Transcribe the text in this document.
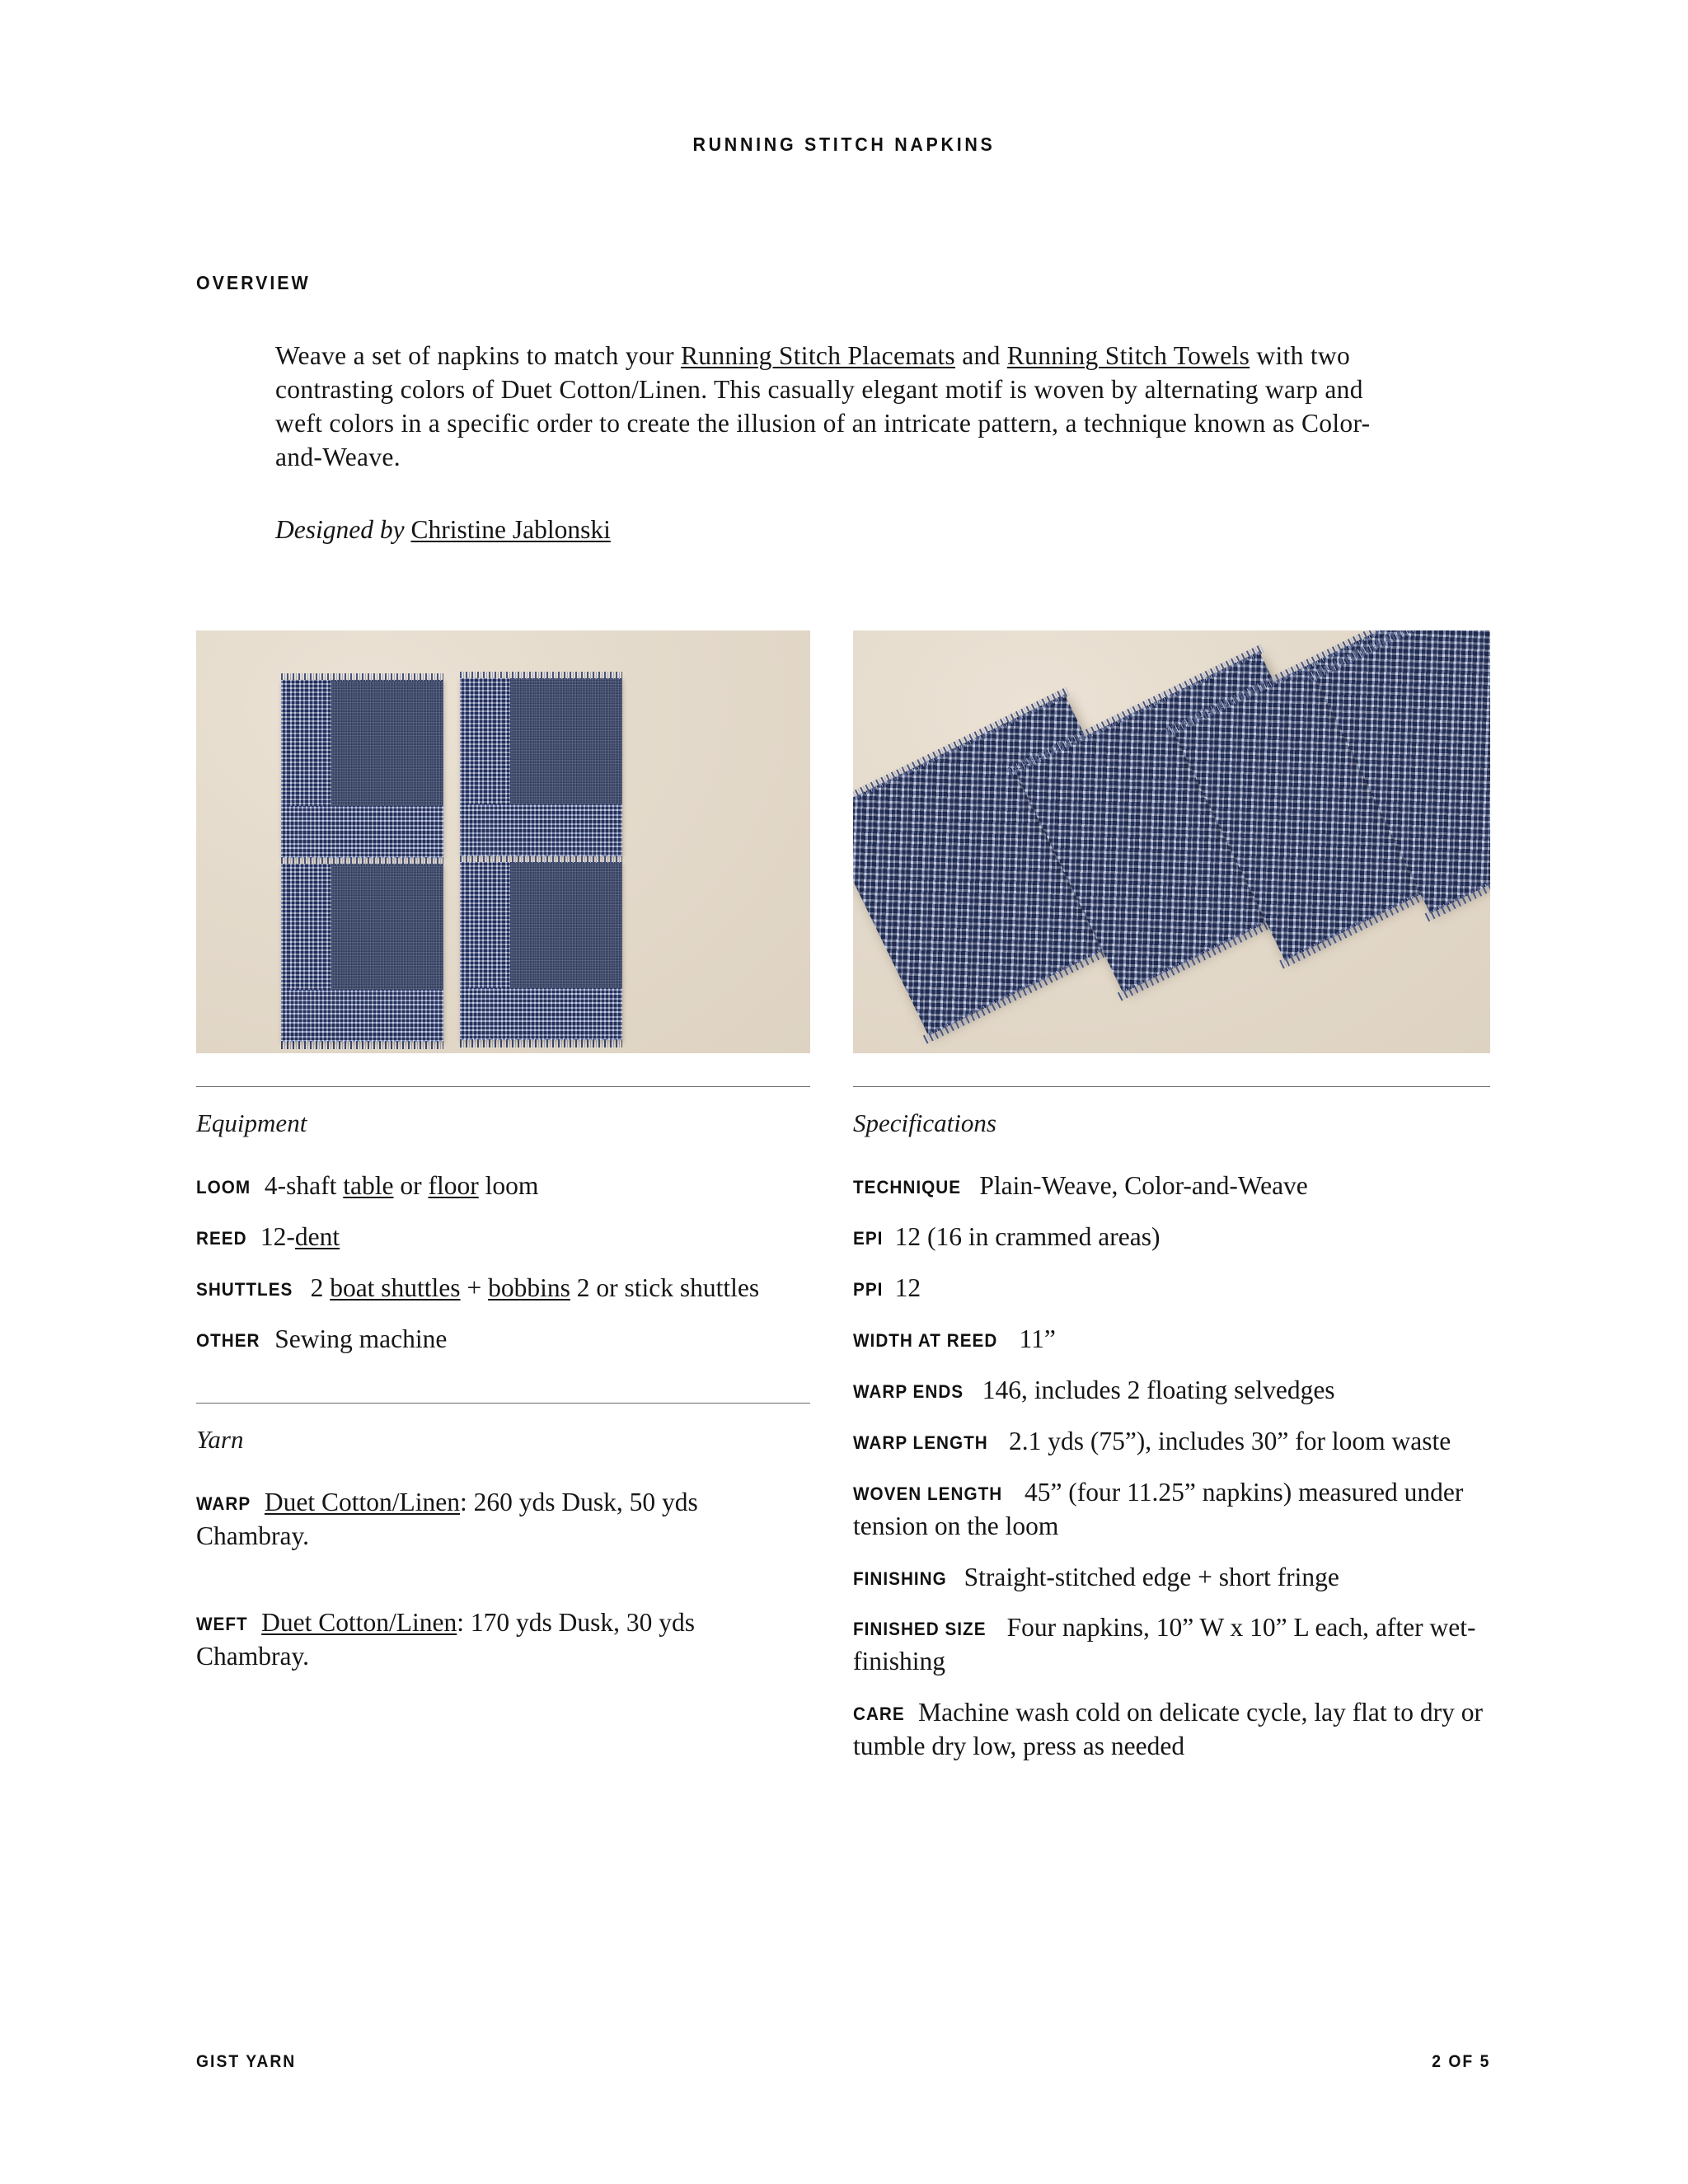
RUNNING STITCH NAPKINS
OVERVIEW

Weave a set of napkins to match your Running Stitch Placemats and Running Stitch Towels with two contrasting colors of Duet Cotton/Linen. This casually elegant motif is woven by alternating warp and weft colors in a specific order to create the illusion of an intricate pattern, a technique known as Color-and-Weave.

Designed by Christine Jablonski

Equipment
LOOM 4-shaft table or floor loom
REED 12-dent
SHUTTLES 2 boat shuttles + bobbins 2 or stick shuttles
OTHER Sewing machine
Yarn
WARP Duet Cotton/Linen: 260 yds Dusk, 50 yds Chambray.
WEFT Duet Cotton/Linen: 170 yds Dusk, 30 yds Chambray.
Specifications
TECHNIQUE Plain-Weave, Color-and-Weave
EPI 12 (16 in crammed areas)
PPI 12
WIDTH AT REED 11”
WARP ENDS 146, includes 2 floating selvedges
WARP LENGTH 2.1 yds (75”), includes 30” for loom waste
WOVEN LENGTH 45” (four 11.25” napkins) measured under tension on the loom
FINISHING Straight-stitched edge + short fringe
FINISHED SIZE Four napkins, 10” W x 10” L each, after wet-finishing
CARE Machine wash cold on delicate cycle, lay flat to dry or tumble dry low, press as needed
GIST YARN	2 OF 5
